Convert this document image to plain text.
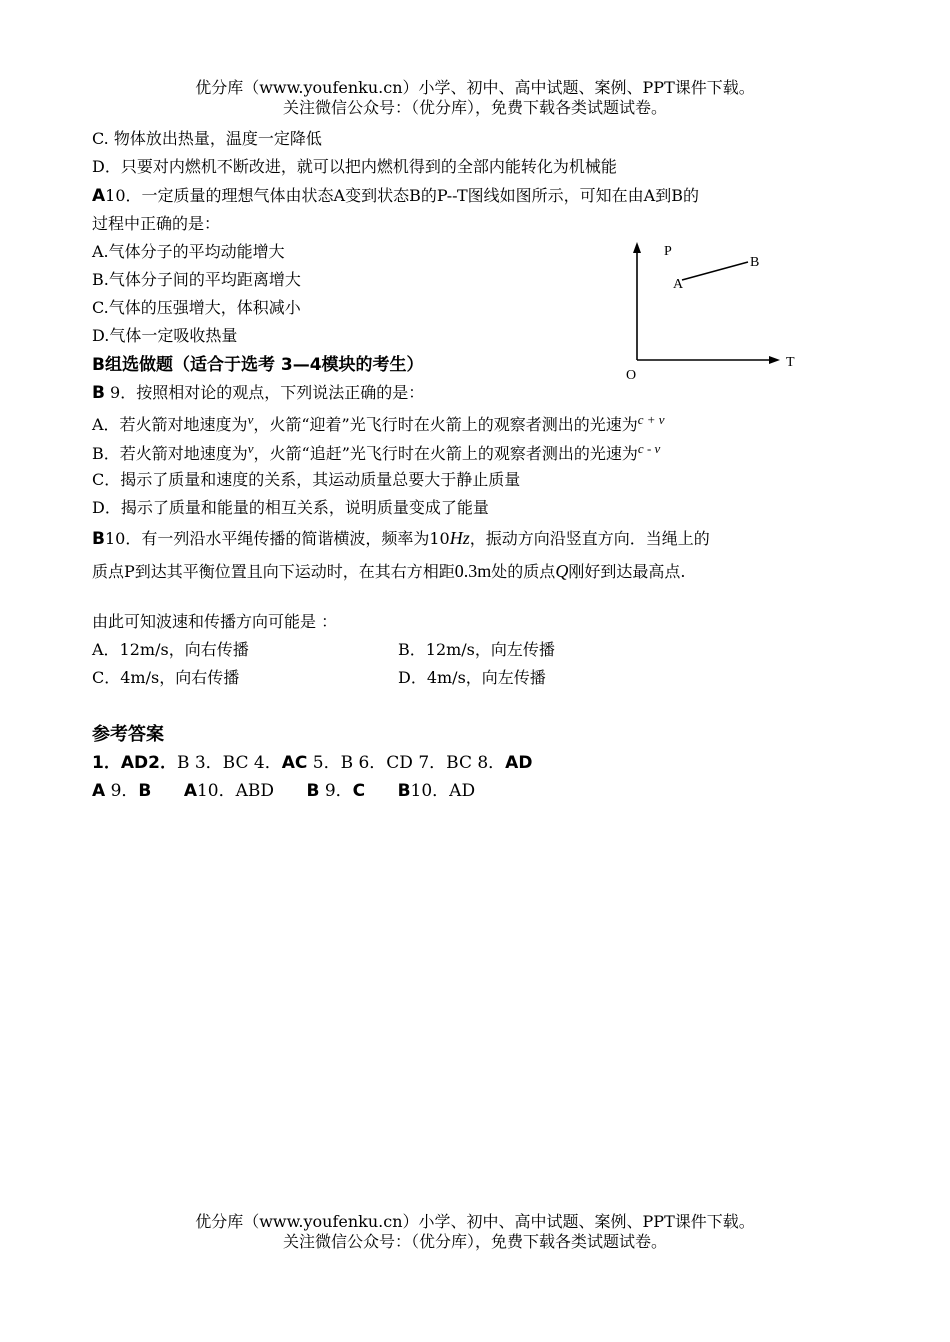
优分库（www.youfenku.cn）小学、初中、高中试题、案例、PPT课件下载。
关注微信公众号：（优分库），免费下载各类试题试卷。
C. 物体放出热量，温度一定降低
D．只要对内燃机不断改进，就可以把内燃机得到的全部内能转化为机械能
A10．一定质量的理想气体由状态A变到状态B的P--T图线如图所示，可知在由A到B的
过程中正确的是：
A.气体分子的平均动能增大
B.气体分子间的平均距离增大
C.气体的压强增大，体积减小
D.气体一定吸收热量
P
T
O
A
B
B组选做题（适合于选考 3—4模块的考生）
B 9．按照相对论的观点，下列说法正确的是：
A．若火箭对地速度为$^v$，火箭“迎着”光飞行时在火箭上的观察者测出的光速为$^{c + v}$
B．若火箭对地速度为$^v$，火箭“追赶”光飞行时在火箭上的观察者测出的光速为$^{c - v}$
C．揭示了质量和速度的关系，其运动质量总要大于静止质量
D．揭示了质量和能量的相互关系，说明质量变成了能量
B10．有一列沿水平绳传播的简谐横波，频率为10Hz，振动方向沿竖直方向．当绳上的
质点P到达其平衡位置且向下运动时，在其右方相距0.3m处的质点Q刚好到达最高点.
由此可知波速和传播方向可能是 ：
A．12m/s，向右传播	B．12m/s，向左传播
C．4m/s，向右传播	D．4m/s，向左传播
参考答案
1．AD2．B 3．BC 4．AC 5．B 6．CD 7．BC 8．AD
A 9．B A10．ABD      B 9．C B10．AD
优分库（www.youfenku.cn）小学、初中、高中试题、案例、PPT课件下载。
关注微信公众号：（优分库），免费下载各类试题试卷。
